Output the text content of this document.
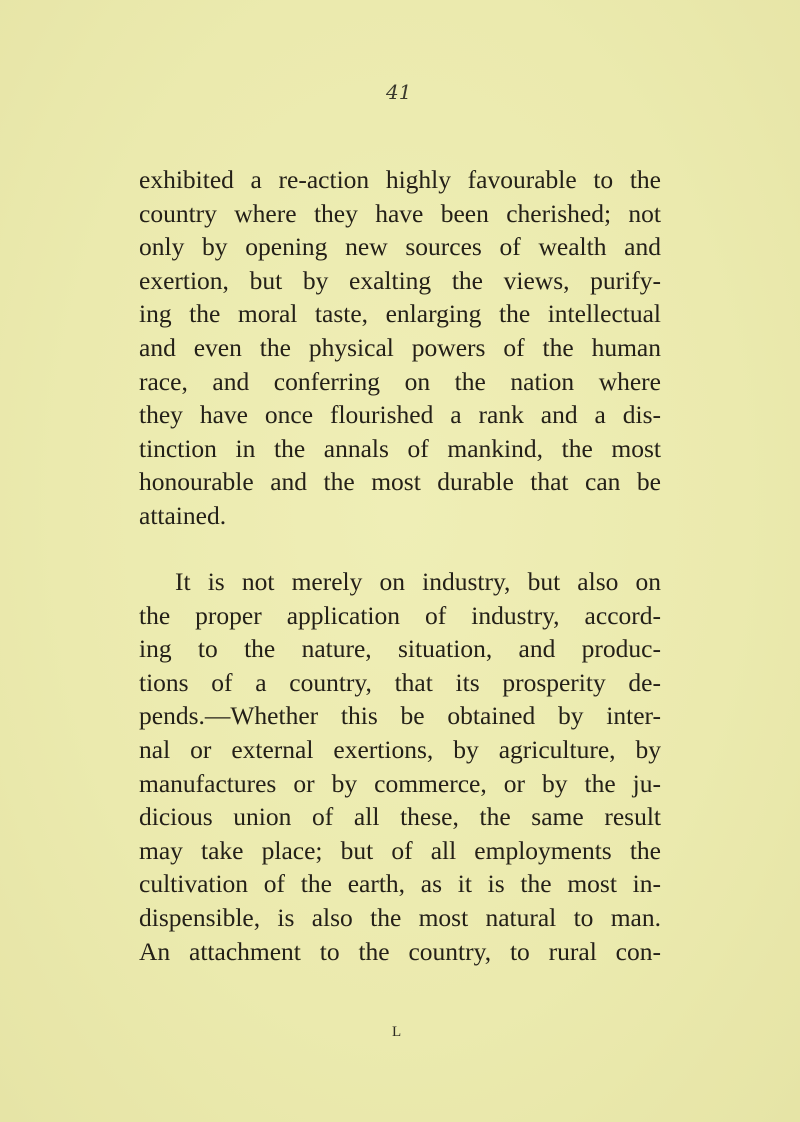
41
exhibited a re-action highly favourable to the
country where they have been cherished; not
only by opening new sources of wealth and
exertion, but by exalting the views, purify-
ing the moral taste, enlarging the intellectual
and even the physical powers of the human
race, and conferring on the nation where
they have once flourished a rank and a dis-
tinction in the annals of mankind, the most
honourable and the most durable that can be
attained.
It is not merely on industry, but also on
the proper application of industry, accord-
ing to the nature, situation, and produc-
tions of a country, that its prosperity de-
pends.—Whether this be obtained by inter-
nal or external exertions, by agriculture, by
manufactures or by commerce, or by the ju-
dicious union of all these, the same result
may take place; but of all employments the
cultivation of the earth, as it is the most in-
dispensible, is also the most natural to man.
An attachment to the country, to rural con-
L
